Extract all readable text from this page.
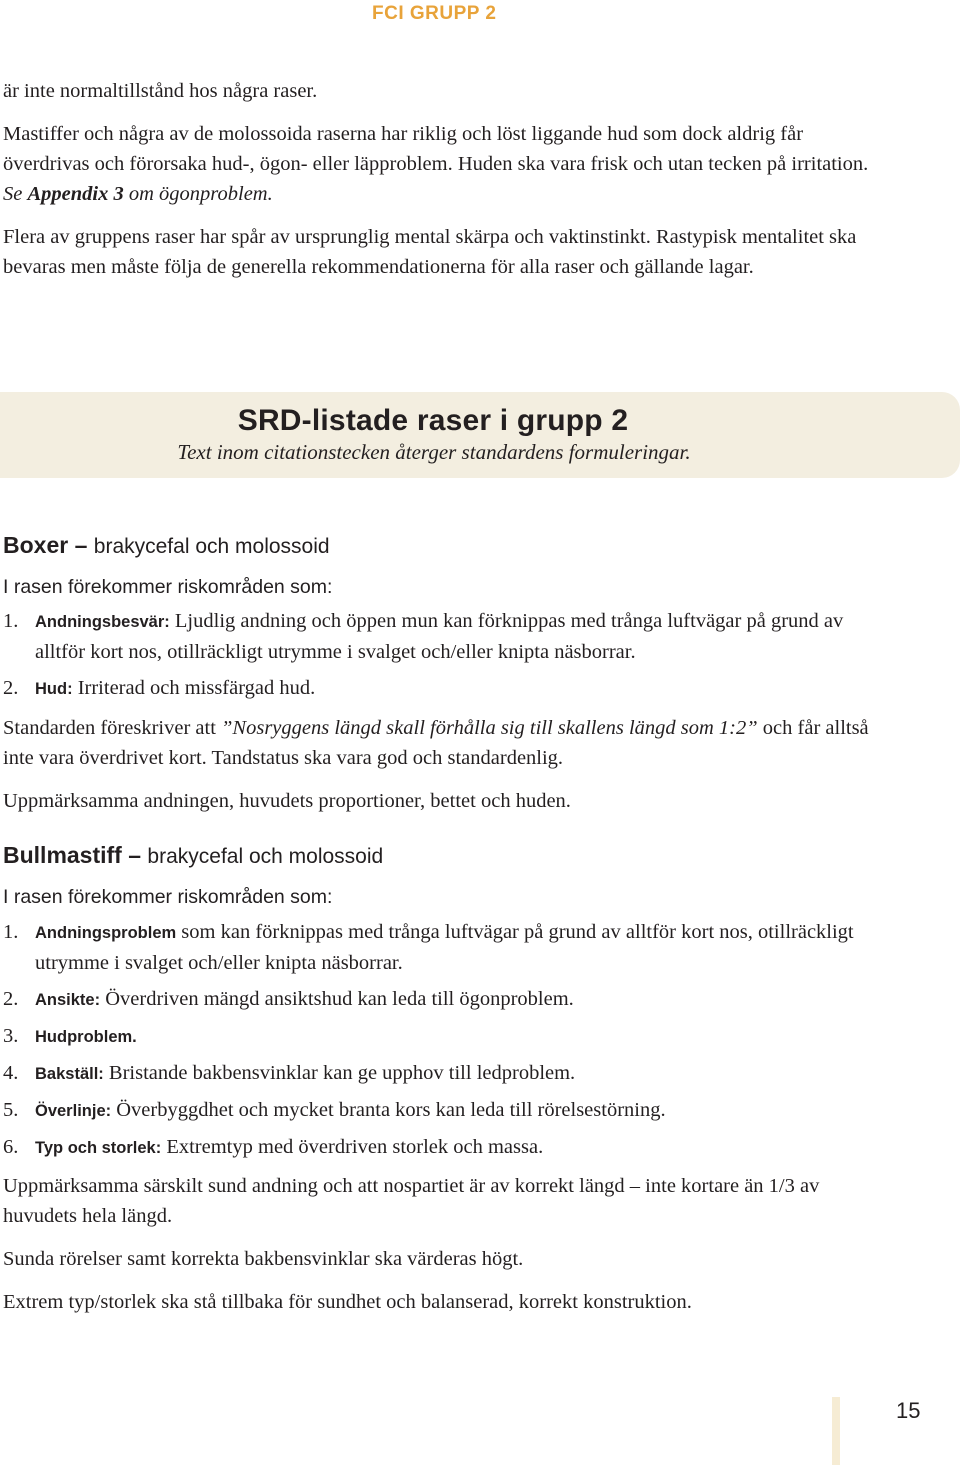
FCI GRUPP 2

är inte normaltillstånd hos några raser.

Mastiffer och några av de molossoida raserna har riklig och löst liggande hud som dock aldrig får överdrivas och förorsaka hud-, ögon- eller läpproblem. Huden ska vara frisk och utan tecken på irritation. Se Appendix 3 om ögonproblem.

Flera av gruppens raser har spår av ursprunglig mental skärpa och vaktinstinkt. Rastypisk mentalitet ska bevaras men måste följa de generella rekommendationerna för alla raser och gällande lagar.

SRD-listade raser i grupp 2
Text inom citationstecken återger standardens formuleringar.
Boxer – brakycefal och molossoid
I rasen förekommer riskområden som:
1. Andningsbesvär: Ljudlig andning och öppen mun kan förknippas med trånga luftvägar på grund av alltför kort nos, otillräckligt utrymme i svalget och/eller knipta näsborrar.
2. Hud: Irriterad och missfärgad hud.

Standarden föreskriver att ”Nosryggens längd skall förhålla sig till skallens längd som 1:2” och får alltså inte vara överdrivet kort. Tandstatus ska vara god och standardenlig.

Uppmärksamma andningen, huvudets proportioner, bettet och huden.

Bullmastiff – brakycefal och molossoid
I rasen förekommer riskområden som:
1. Andningsproblem som kan förknippas med trånga luftvägar på grund av alltför kort nos, otillräckligt utrymme i svalget och/eller knipta näsborrar.
2. Ansikte: Överdriven mängd ansiktshud kan leda till ögonproblem.
3. Hudproblem.
4. Bakställ: Bristande bakbensvinklar kan ge upphov till ledproblem.
5. Överlinje: Överbyggdhet och mycket branta kors kan leda till rörelsestörning.
6. Typ och storlek: Extremtyp med överdriven storlek och massa.

Uppmärksamma särskilt sund andning och att nospartiet är av korrekt längd – inte kortare än 1/3 av huvudets hela längd.

Sunda rörelser samt korrekta bakbensvinklar ska värderas högt.

Extrem typ/storlek ska stå tillbaka för sundhet och balanserad, korrekt konstruktion.

15
